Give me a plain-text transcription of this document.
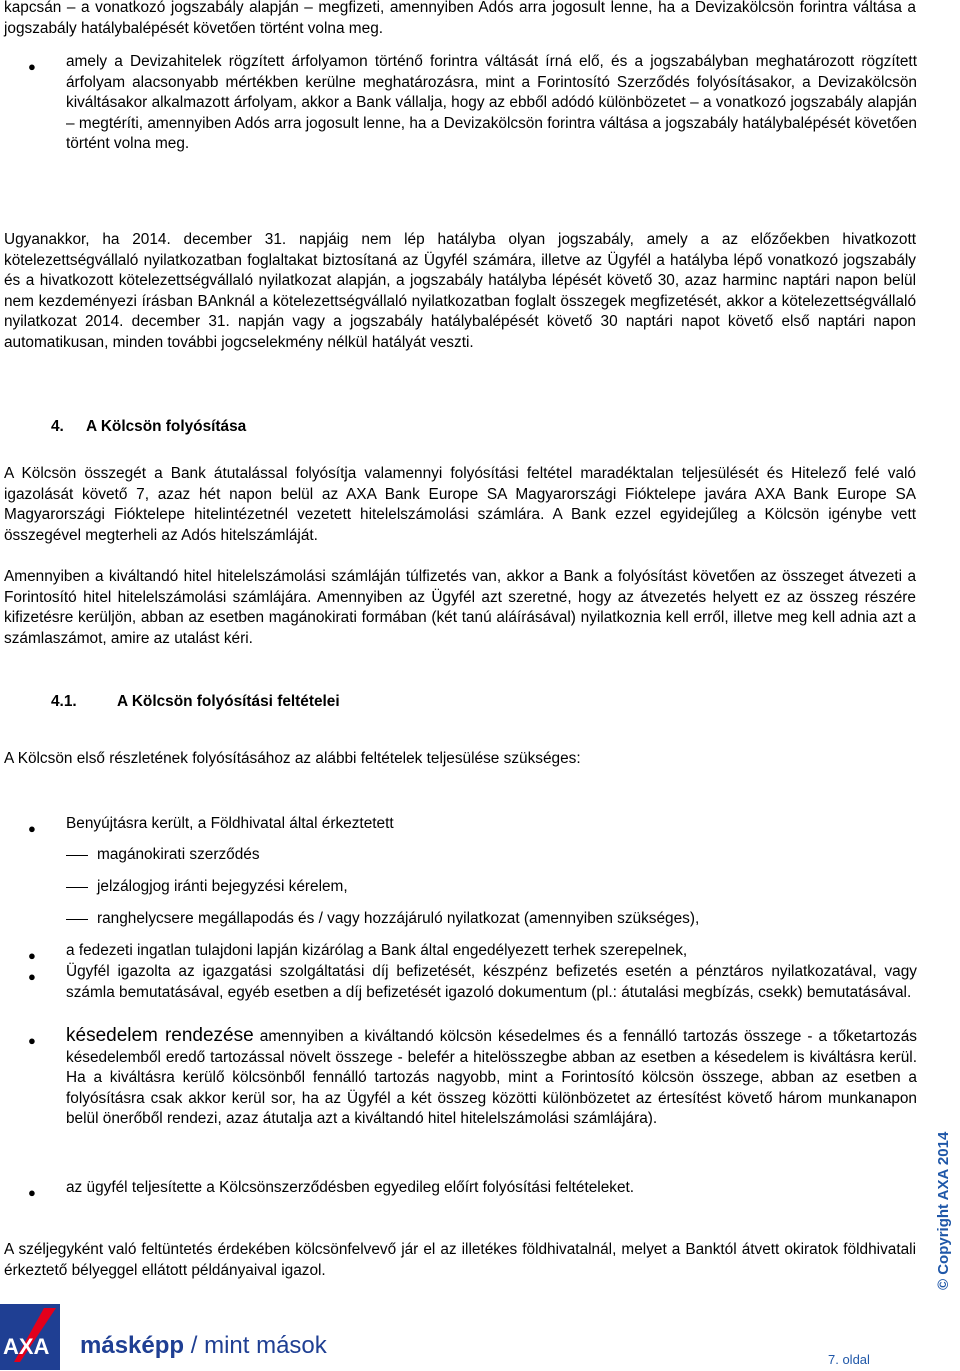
kapcsán – a vonatkozó jogszabály alapján – megfizeti, amennyiben Adós arra jogosult lenne, ha a Devizakölcsön forintra váltása a jogszabály hatálybalépését követően történt volna meg.

● amely a Devizahitelek rögzített árfolyamon történő forintra váltását írná elő, és a jogszabályban meghatározott rögzített árfolyam alacsonyabb mértékben kerülne meghatározásra, mint a Forintosító Szerződés folyósításakor, a Devizakölcsön kiváltásakor alkalmazott árfolyam, akkor a Bank vállalja, hogy az ebből adódó különbözetet – a vonatkozó jogszabály alapján – megtéríti, amennyiben Adós arra jogosult lenne, ha a Devizakölcsön forintra váltása a jogszabály hatálybalépését követően történt volna meg.

Ugyanakkor, ha 2014. december 31. napjáig nem lép hatályba olyan jogszabály, amely a az előzőekben hivatkozott kötelezettségvállaló nyilatkozatban foglaltakat biztosítaná az Ügyfél számára, illetve az Ügyfél a hatályba lépő vonatkozó jogszabály és a hivatkozott kötelezettségvállaló nyilatkozat alapján, a jogszabály hatályba lépését követő 30, azaz harminc naptári napon belül nem kezdeményezi írásban BAnknál a kötelezettségvállaló nyilatkozatban foglalt összegek megfizetését, akkor a kötelezettségvállaló nyilatkozat 2014. december 31. napján vagy a jogszabály hatálybalépését követő 30 naptári napot követő első naptári napon automatikusan, minden további jogcselekmény nélkül hatályát veszti.

4. A Kölcsön folyósítása

A Kölcsön összegét a Bank átutalással folyósítja valamennyi folyósítási feltétel maradéktalan teljesülését és Hitelező felé való igazolását követő 7, azaz hét napon belül az AXA Bank Europe SA Magyarországi Fióktelepe javára AXA Bank Europe SA Magyarországi Fióktelepe hitelintézetnél vezetett hitelelszámolási számlára. A Bank ezzel egyidejűleg a Kölcsön igénybe vett összegével megterheli az Adós hitelszámláját.

Amennyiben a kiváltandó hitel hitelelszámolási számláján túlfizetés van, akkor a Bank a folyósítást követően az összeget átvezeti a Forintosító hitel hitelelszámolási számlájára. Amennyiben az Ügyfél azt szeretné, hogy az átvezetés helyett ez az összeg részére kifizetésre kerüljön, abban az esetben magánokirati formában (két tanú aláírásával) nyilatkoznia kell erről, illetve meg kell adnia azt a számlaszámot, amire az utalást kéri.

4.1.	A Kölcsön folyósítási feltételei

A Kölcsön első részletének folyósításához az alábbi feltételek teljesülése szükséges:

● Benyújtásra került, a Földhivatal által érkeztetett

magánokirati szerződés

jelzálogjog iránti bejegyzési kérelem,

ranghelycsere megállapodás és / vagy hozzájáruló nyilatkozat (amennyiben szükséges),

● a fedezeti ingatlan tulajdoni lapján kizárólag a Bank által engedélyezett terhek szerepelnek,

● Ügyfél igazolta az igazgatási szolgáltatási díj befizetését, készpénz befizetés esetén a pénztáros nyilatkozatával, vagy számla bemutatásával, egyéb esetben a díj befizetését igazoló dokumentum (pl.: átutalási megbízás, csekk) bemutatásával.

● késedelem rendezése amennyiben a kiváltandó kölcsön késedelmes és a fennálló tartozás összege - a tőketartozás késedelemből eredő tartozással növelt összege - belefér a hitelösszegbe abban az esetben a késedelem is kiváltásra kerül. Ha a kiváltásra kerülő kölcsönből fennálló tartozás nagyobb, mint a Forintosító kölcsön összege, abban az esetben a folyósításra csak akkor kerül sor, ha az Ügyfél a két összeg közötti különbözetet az értesítést követő három munkanapon belül önerőből rendezi, azaz átutalja azt a kiváltandó hitel hitelelszámolási számlájára).

● az ügyfél teljesítette a Kölcsönszerződésben egyedileg előírt folyósítási feltételeket.

A széljegyként való feltüntetés érdekében kölcsönfelvevő jár el az illetékes földhivatalnál, melyet a Banktól átvett okiratok földhivatali érkeztető bélyeggel ellátott példányaival igazol.	© Copyright AXA 2014
AXA másképp / mint mások
7. oldal
